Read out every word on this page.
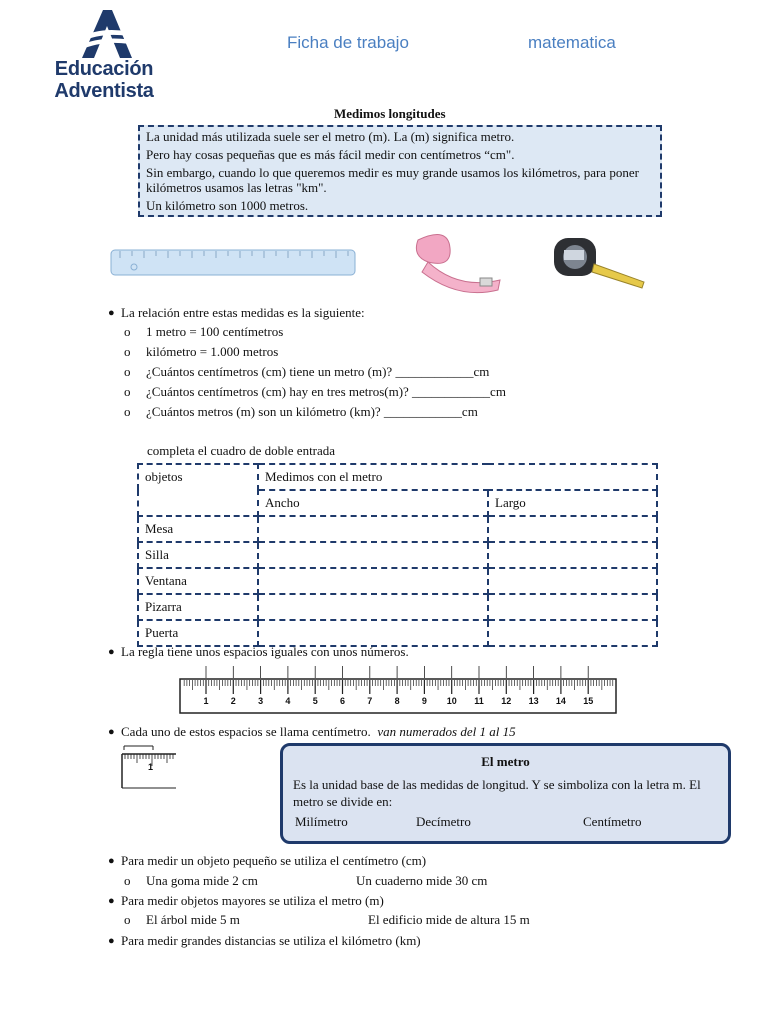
Educación
Adventista
Ficha de trabajo	matematica
Medimos longitudes

La unidad más utilizada suele ser el metro (m). La (m) significa metro.

Pero hay cosas pequeñas que es más fácil medir con centímetros “cm".

Sin embargo, cuando lo que queremos medir es muy grande usamos los kilómetros, para poner kilómetros usamos las letras "km".

Un kilómetro son 1000 metros.

● La relación entre estas medidas es la siguiente:
o 1 metro = 100 centímetros
o kilómetro = 1.000 metros
o ¿Cuántos centímetros (cm) tiene un metro (m)? ____________cm
o ¿Cuántos centímetros (cm) hay en tres metros(m)? ____________cm
o ¿Cuántos metros (m) son un kilómetro (km)? ____________cm
completa el cuadro de doble entrada
objetos	Medimos con el metro	
	Ancho	Largo
Mesa		
Silla		
Ventana		
Pizarra		
Puerta		
● La regla tiene unos espacios iguales con unos números.
1 2 3 4 5 6 7 8 9 10 11 12 13 14 15
● Cada uno de estos espacios se llama centímetro. van numerados del 1 al 15
1	El metro
Es la unidad base de las medidas de longitud. Y se simboliza con la letra m. El metro se divide en:
Milímetro	Decímetro	Centímetro
● Para medir un objeto pequeño se utiliza el centímetro (cm)
o Una goma mide 2 cm	Un cuaderno mide 30 cm
● Para medir objetos mayores se utiliza el metro (m)
o El árbol mide 5 m	El edificio mide de altura 15 m
● Para medir grandes distancias se utiliza el kilómetro (km)
